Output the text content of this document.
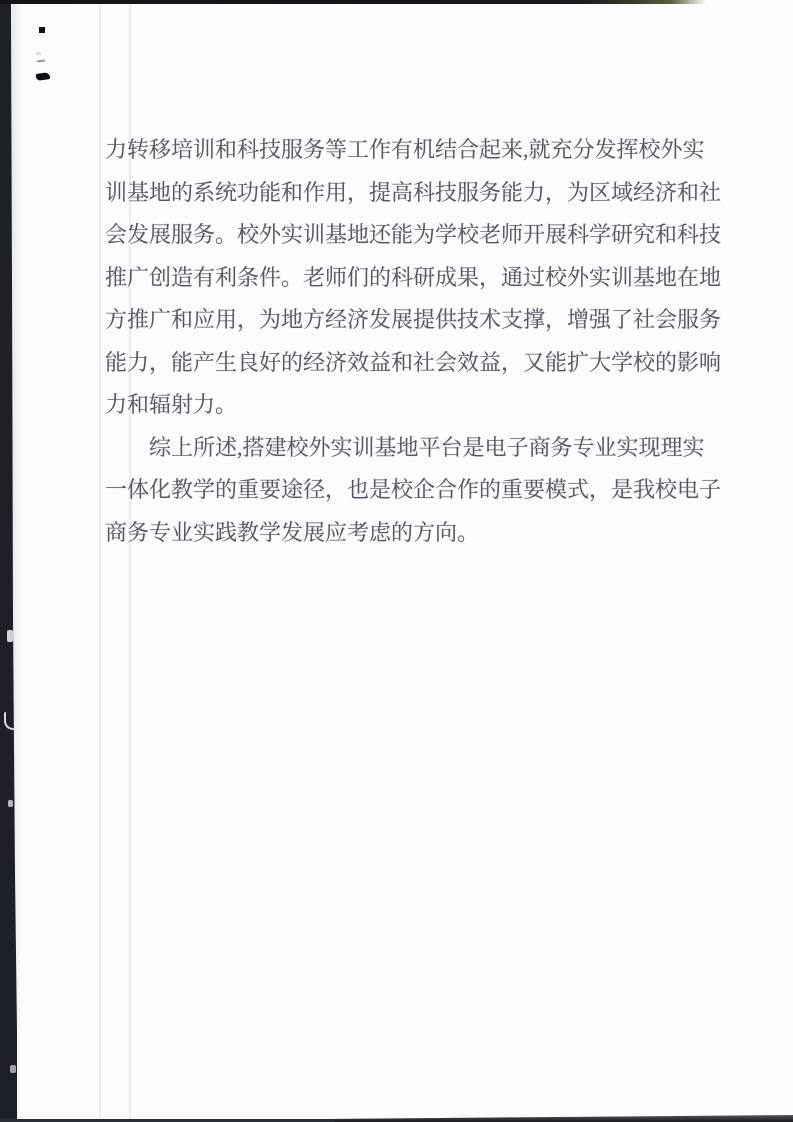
力转移培训和科技服务等工作有机结合起来,就充分发挥校外实
训基地的系统功能和作用，提高科技服务能力，为区域经济和社
会发展服务。校外实训基地还能为学校老师开展科学研究和科技
推广创造有利条件。老师们的科研成果，通过校外实训基地在地
方推广和应用，为地方经济发展提供技术支撑，增强了社会服务
能力，能产生良好的经济效益和社会效益，又能扩大学校的影响
力和辐射力。
综上所述,搭建校外实训基地平台是电子商务专业实现理实
一体化教学的重要途径，也是校企合作的重要模式，是我校电子
商务专业实践教学发展应考虑的方向。
